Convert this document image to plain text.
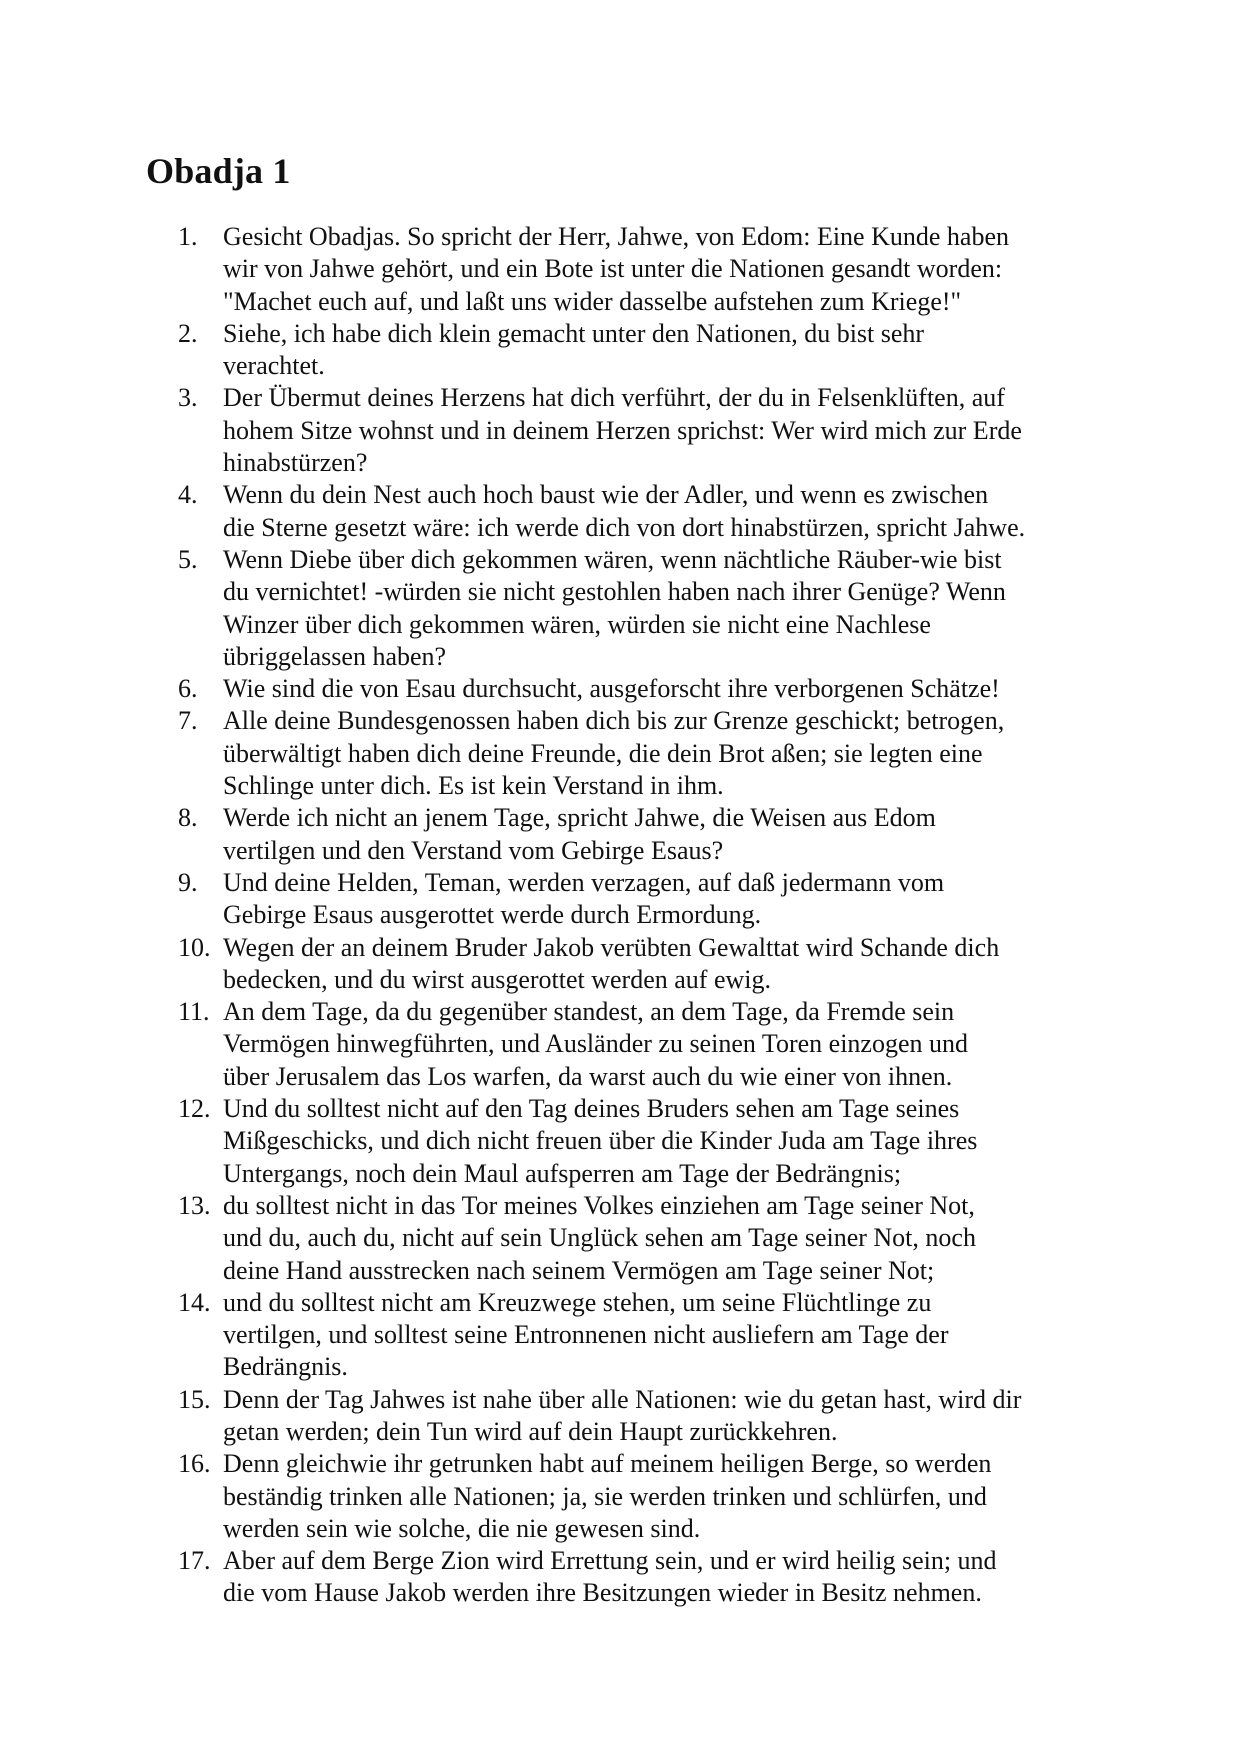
Obadja 1
1. Gesicht Obadjas. So spricht der Herr, Jahwe, von Edom: Eine Kunde haben
wir von Jahwe gehört, und ein Bote ist unter die Nationen gesandt worden:
"Machet euch auf, und laßt uns wider dasselbe aufstehen zum Kriege!"
2. Siehe, ich habe dich klein gemacht unter den Nationen, du bist sehr
verachtet.
3. Der Übermut deines Herzens hat dich verführt, der du in Felsenklüften, auf
hohem Sitze wohnst und in deinem Herzen sprichst: Wer wird mich zur Erde
hinabstürzen?
4. Wenn du dein Nest auch hoch baust wie der Adler, und wenn es zwischen
die Sterne gesetzt wäre: ich werde dich von dort hinabstürzen, spricht Jahwe.
5. Wenn Diebe über dich gekommen wären, wenn nächtliche Räuber-wie bist
du vernichtet! -würden sie nicht gestohlen haben nach ihrer Genüge? Wenn
Winzer über dich gekommen wären, würden sie nicht eine Nachlese
übriggelassen haben?
6. Wie sind die von Esau durchsucht, ausgeforscht ihre verborgenen Schätze!
7. Alle deine Bundesgenossen haben dich bis zur Grenze geschickt; betrogen,
überwältigt haben dich deine Freunde, die dein Brot aßen; sie legten eine
Schlinge unter dich. Es ist kein Verstand in ihm.
8. Werde ich nicht an jenem Tage, spricht Jahwe, die Weisen aus Edom
vertilgen und den Verstand vom Gebirge Esaus?
9. Und deine Helden, Teman, werden verzagen, auf daß jedermann vom
Gebirge Esaus ausgerottet werde durch Ermordung.
10. Wegen der an deinem Bruder Jakob verübten Gewalttat wird Schande dich
bedecken, und du wirst ausgerottet werden auf ewig.
11. An dem Tage, da du gegenüber standest, an dem Tage, da Fremde sein
Vermögen hinwegführten, und Ausländer zu seinen Toren einzogen und
über Jerusalem das Los warfen, da warst auch du wie einer von ihnen.
12. Und du solltest nicht auf den Tag deines Bruders sehen am Tage seines
Mißgeschicks, und dich nicht freuen über die Kinder Juda am Tage ihres
Untergangs, noch dein Maul aufsperren am Tage der Bedrängnis;
13. du solltest nicht in das Tor meines Volkes einziehen am Tage seiner Not,
und du, auch du, nicht auf sein Unglück sehen am Tage seiner Not, noch
deine Hand ausstrecken nach seinem Vermögen am Tage seiner Not;
14. und du solltest nicht am Kreuzwege stehen, um seine Flüchtlinge zu
vertilgen, und solltest seine Entronnenen nicht ausliefern am Tage der
Bedrängnis.
15. Denn der Tag Jahwes ist nahe über alle Nationen: wie du getan hast, wird dir
getan werden; dein Tun wird auf dein Haupt zurückkehren.
16. Denn gleichwie ihr getrunken habt auf meinem heiligen Berge, so werden
beständig trinken alle Nationen; ja, sie werden trinken und schlürfen, und
werden sein wie solche, die nie gewesen sind.
17. Aber auf dem Berge Zion wird Errettung sein, und er wird heilig sein; und
die vom Hause Jakob werden ihre Besitzungen wieder in Besitz nehmen.
